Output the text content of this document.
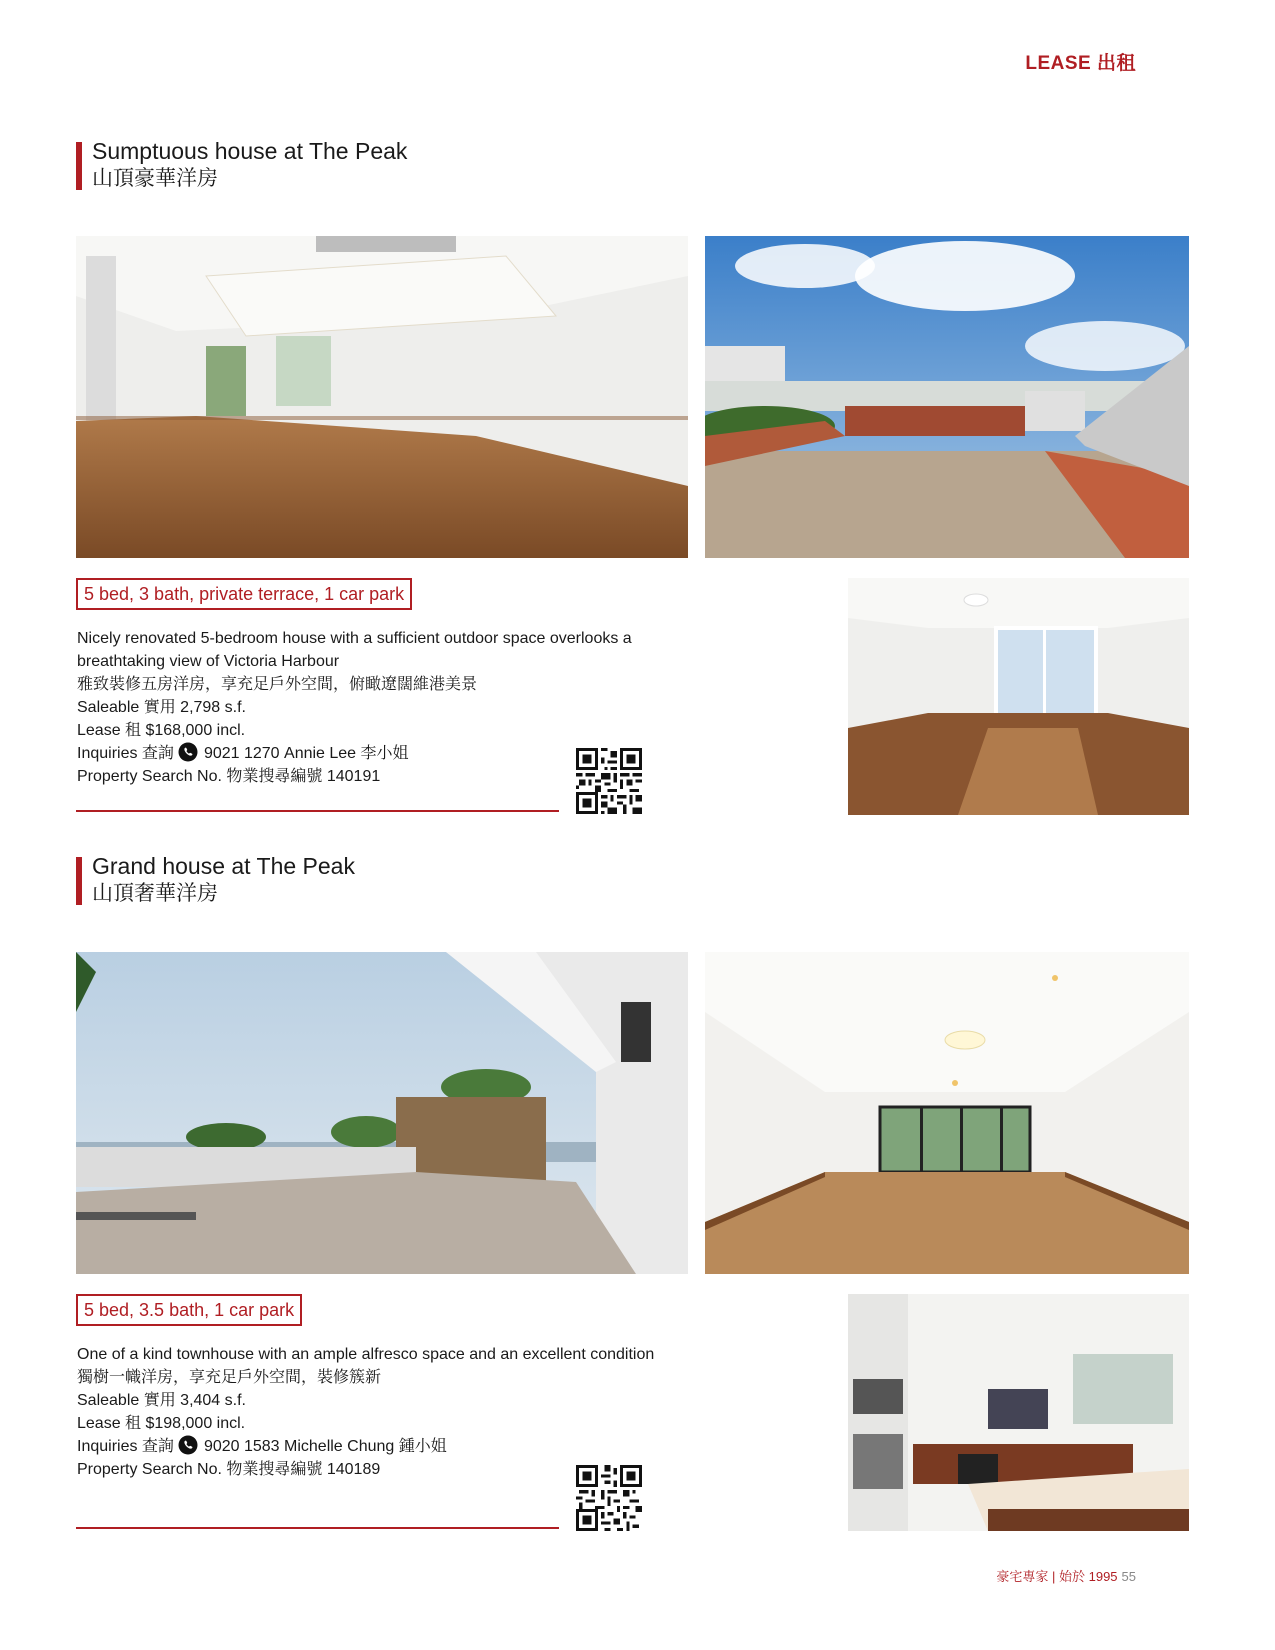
LEASE 出租
Sumptuous house at The Peak
山頂豪華洋房
5 bed, 3 bath, private terrace, 1 car park
Nicely renovated 5-bedroom house with a sufficient outdoor space overlooks a breathtaking view of Victoria Harbour
雅致裝修五房洋房，享充足戶外空間，俯瞰遼闊維港美景
Saleable 實用 2,798 s.f.
Lease 租 $168,000 incl.
Inquiries 查詢 9021 1270 Annie Lee 李小姐
Property Search No. 物業搜尋編號 140191
Grand house at The Peak
山頂奢華洋房
5 bed, 3.5 bath, 1 car park
One of a kind townhouse with an ample alfresco space and an excellent condition
獨樹一幟洋房，享充足戶外空間，裝修簇新
Saleable 實用 3,404 s.f.
Lease 租 $198,000 incl.
Inquiries 查詢 9020 1583 Michelle Chung 鍾小姐
Property Search No. 物業搜尋編號 140189
豪宅專家 | 始於 1995 55
